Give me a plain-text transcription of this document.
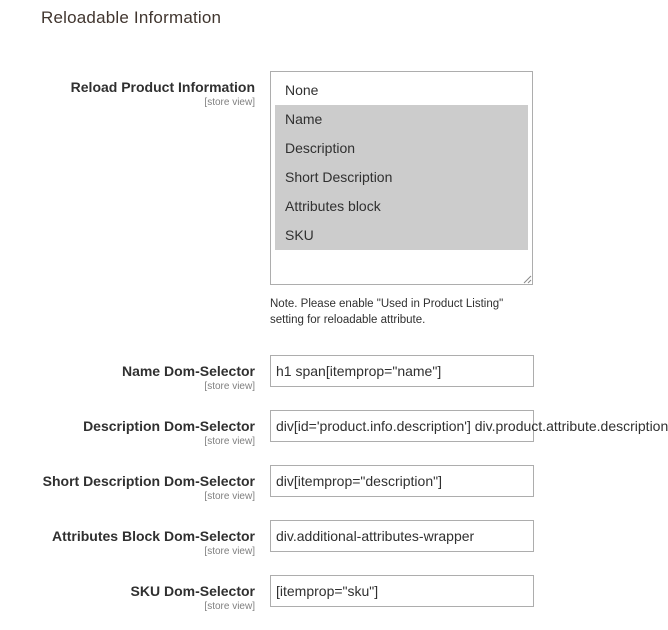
Reloadable Information
Reload Product Information
[store view]
None
Name
Description
Short Description
Attributes block
SKU
Note. Please enable "Used in Product Listing"
setting for reloadable attribute.
Name Dom-Selector
[store view]
h1 span[itemprop="name"]
Description Dom-Selector
[store view]
div[id='product.info.description'] div.product.attribute.description
Short Description Dom-Selector
[store view]
div[itemprop="description"]
Attributes Block Dom-Selector
[store view]
div.additional-attributes-wrapper
SKU Dom-Selector
[store view]
[itemprop="sku"]
